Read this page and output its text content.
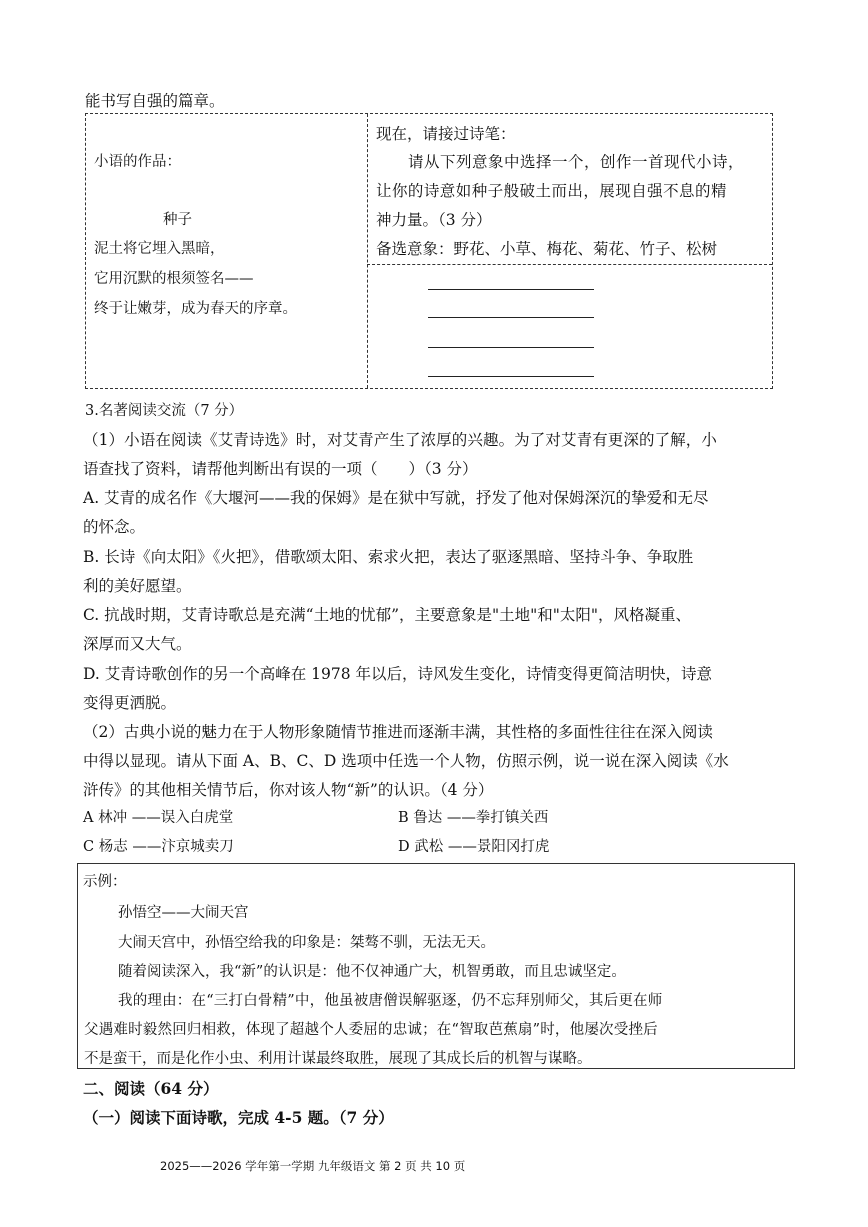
能书写自强的篇章。
小语的作品：
种子
泥土将它埋入黑暗，
它用沉默的根须签名——
终于让嫩芽，成为春天的序章。
现在，请接过诗笔：
请从下列意象中选择一个，创作一首现代小诗，
让你的诗意如种子般破土而出，展现自强不息的精
神力量。（3 分）
备选意象：野花、小草、梅花、菊花、竹子、松树
3.名著阅读交流（7 分）
（1）小语在阅读《艾青诗选》时，对艾青产生了浓厚的兴趣。为了对艾青有更深的了解，小
语查找了资料，请帮他判断出有误的一项（　　）（3 分）
A. 艾青的成名作《大堰河——我的保姆》是在狱中写就，抒发了他对保姆深沉的挚爱和无尽
的怀念。
B. 长诗《向太阳》《火把》，借歌颂太阳、索求火把，表达了驱逐黑暗、坚持斗争、争取胜
利的美好愿望。
C. 抗战时期，艾青诗歌总是充满“土地的忧郁”，主要意象是"土地"和"太阳"，风格凝重、
深厚而又大气。
D. 艾青诗歌创作的另一个高峰在 1978 年以后，诗风发生变化，诗情变得更简洁明快，诗意
变得更洒脱。
（2）古典小说的魅力在于人物形象随情节推进而逐渐丰满，其性格的多面性往往在深入阅读
中得以显现。请从下面 A、B、C、D 选项中任选一个人物，仿照示例，说一说在深入阅读《水
浒传》的其他相关情节后，你对该人物“新”的认识。（4 分）
A 林冲 ——误入白虎堂	B 鲁达 ——拳打镇关西
C 杨志 ——汴京城卖刀	D 武松 ——景阳冈打虎
示例：
孙悟空——大闹天宫
大闹天宫中，孙悟空给我的印象是：桀骜不驯，无法无天。
随着阅读深入，我“新”的认识是：他不仅神通广大，机智勇敢，而且忠诚坚定。
我的理由：在“三打白骨精”中，他虽被唐僧误解驱逐，仍不忘拜别师父，其后更在师
父遇难时毅然回归相救，体现了超越个人委屈的忠诚；在“智取芭蕉扇”时，他屡次受挫后
不是蛮干，而是化作小虫、利用计谋最终取胜，展现了其成长后的机智与谋略。
二、阅读（64 分）
（一）阅读下面诗歌，完成 4-5 题。（7 分）
2025——2026 学年第一学期 九年级语文 第 2 页 共 10 页
